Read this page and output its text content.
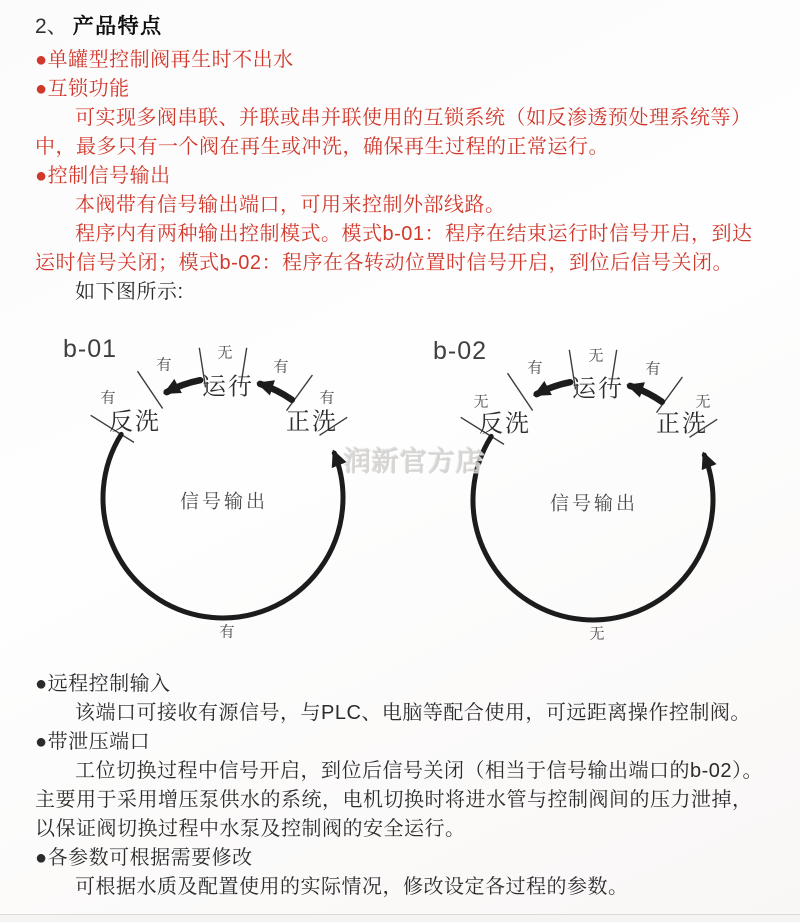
2、 产品特点
●单罐型控制阀再生时不出水
●互锁功能
可实现多阀串联、并联或串并联使用的互锁系统（如反渗透预处理系统等）
中，最多只有一个阀在再生或冲洗，确保再生过程的正常运行。
●控制信号输出
本阀带有信号输出端口，可用来控制外部线路。
程序内有两种输出控制模式。模式b-01：程序在结束运行时信号开启，到达
运时信号关闭；模式b-02：程序在各转动位置时信号开启，到位后信号关闭。
如下图所示:
b-01
反洗
运行
正洗
有
有
无
有
有
有
信号输出
b-02
反洗
运行
正洗
无
有
无
有
无
无
信号输出
润新官方店
●远程控制输入
该端口可接收有源信号，与PLC、电脑等配合使用，可远距离操作控制阀。
●带泄压端口
工位切换过程中信号开启，到位后信号关闭（相当于信号输出端口的b-02）。
主要用于采用增压泵供水的系统，电机切换时将进水管与控制阀间的压力泄掉，
以保证阀切换过程中水泵及控制阀的安全运行。
●各参数可根据需要修改
可根据水质及配置使用的实际情况，修改设定各过程的参数。
